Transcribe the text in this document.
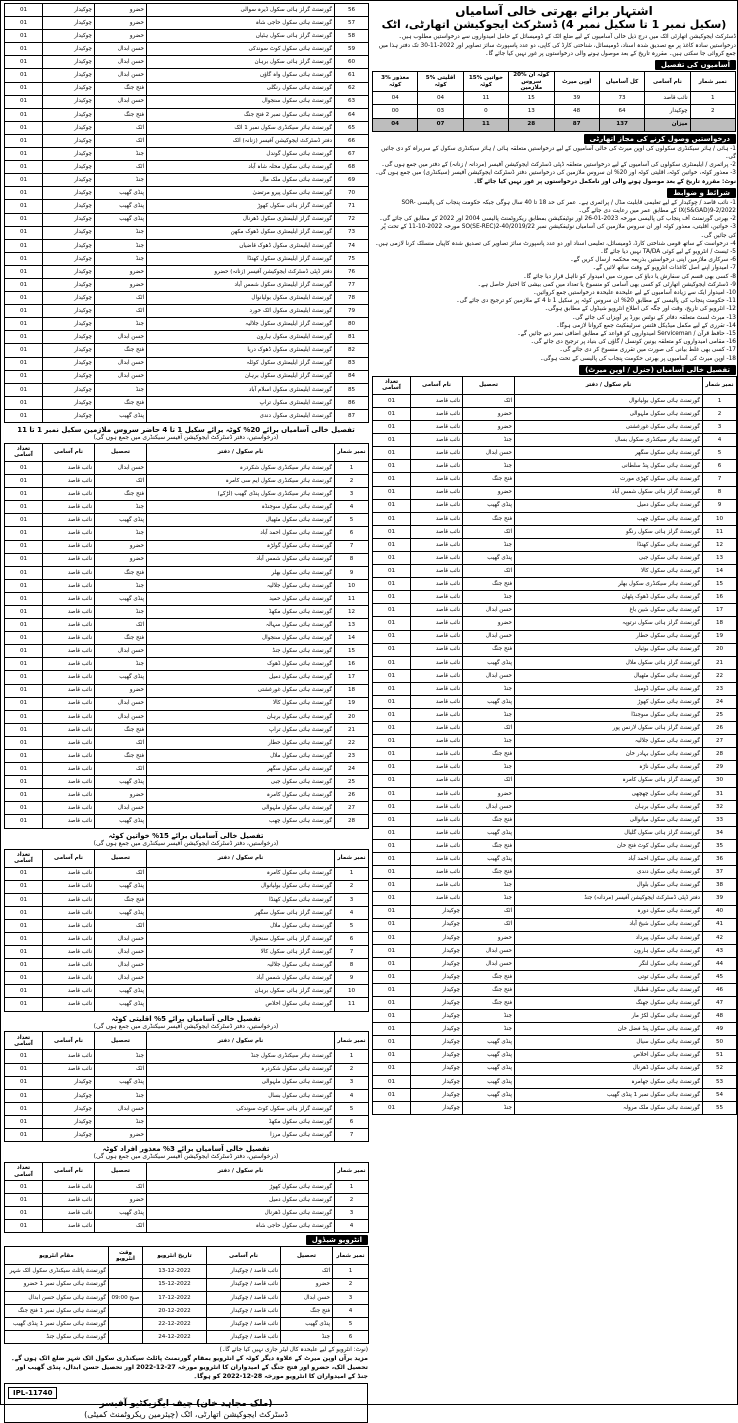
01	چوکیدار	حضرو	گورنمنٹ گرلز ہائی سکول ڈیرہ سوالی	56
01	چوکیدار	حضرو	گورنمنٹ ہائی سکول حاجی شاہ	57
01	چوکیدار	حضرو	گورنمنٹ گرلز ہائی سکول ہٹیاں	58
01	چوکیدار	حسن ابدال	گورنمنٹ ہائی سکول کوٹ سوندکی	59
01	چوکیدار	حسن ابدال	گورنمنٹ گرلز ہائی سکول برہان	60
01	چوکیدار	حسن ابدال	گورنمنٹ ہائی سکول واہ گاؤں	61
01	چوکیدار	فتح جنگ	گورنمنٹ ہائی سکول رنگلی	62
01	چوکیدار	حسن ابدال	گورنمنٹ ہائی سکول سنجوال	63
01	چوکیدار	فتح جنگ	گورنمنٹ ہائی سکول نمبر 2 فتح جنگ	64
01	چوکیدار	اٹک	گورنمنٹ ہائر سیکنڈری سکول نمبر 1 اٹک	65
01	چوکیدار	اٹک	دفتر ڈسٹرکٹ ایجوکیشن آفیسر (زنانہ) اٹک	66
01	چوکیدار	جنڈ	گورنمنٹ ہائی سکول گوندل	67
01	چوکیدار	اٹک	گورنمنٹ ہائی سکول محلہ شاہ آباد	68
01	چوکیدار	جنڈ	گورنمنٹ ہائی سکول ملک مال	69
01	چوکیدار	پنڈی گھیب	گورنمنٹ ہائی سکول پیرو مرتضیٰ	70
01	چوکیدار	پنڈی گھیب	گورنمنٹ گرلز ہائی سکول کھوڑ	71
01	چوکیدار	پنڈی گھیب	گورنمنٹ گرلز ایلیمنٹری سکول ڈھرنال	72
01	چوکیدار	جنڈ	گورنمنٹ گرلز ایلیمنٹری سکول ڈھوک مکھن	73
01	چوکیدار	جنڈ	گورنمنٹ ایلیمنٹری سکول ڈھوک قاضیاں	74
01	چوکیدار	جنڈ	گورنمنٹ گرلز ایلیمنٹری سکول کھنڈا	75
01	چوکیدار	حضرو	دفتر ڈپٹی ڈسٹرکٹ ایجوکیشن آفیسر (زنانہ) حضرو	76
01	چوکیدار	حضرو	گورنمنٹ گرلز ایلیمنٹری سکول شمس آباد	77
01	چوکیدار	اٹک	گورنمنٹ ایلیمنٹری سکول بولیانوال	78
01	چوکیدار	اٹک	گورنمنٹ ایلیمنٹری سکول اٹک خورد	79
01	چوکیدار	جنڈ	گورنمنٹ گرلز ایلیمنٹری سکول جلالیہ	80
01	چوکیدار	حسن ابدال	گورنمنٹ ایلیمنٹری سکول ہارون	81
01	چوکیدار	فتح جنگ	گورنمنٹ ایلیمنٹری سکول ڈھوک دریا	82
01	چوکیدار	حسن ابدال	گورنمنٹ گرلز ایلیمنٹری سکول کوٹلہ	83
01	چوکیدار	حسن ابدال	گورنمنٹ گرلز ایلیمنٹری سکول برہان	84
01	چوکیدار	جنڈ	گورنمنٹ ایلیمنٹری سکول اسلام آباد	85
01	چوکیدار	فتح جنگ	گورنمنٹ ایلیمنٹری سکول تراپ	86
01	چوکیدار	پنڈی گھیب	گورنمنٹ ایلیمنٹری سکول دندی	87
تفصیل خالی آسامیاں برائے 20% کوٹہ برائے سکیل 1 تا 4 حاضر سروس ملازمین سکیل نمبر 1 تا 11
(درخواستیں، دفتر ڈسٹرکٹ ایجوکیشن آفیسر سیکنڈری میں جمع ہوں گی)
تعداد آسامی	نام آسامی	تحصیل	نام سکول / دفتر	نمبر شمار
01	نائب قاصد	حسن ابدال	گورنمنٹ ہائر سیکنڈری سکول شکردرہ	1
01	نائب قاصد	اٹک	گورنمنٹ ہائر سیکنڈری سکول ایم سی کامرہ	2
01	نائب قاصد	فتح جنگ	گورنمنٹ ہائر سیکنڈری سکول پنڈی گھیب (لڑکے)	3
01	نائب قاصد	جنڈ	گورنمنٹ ہائی سکول سوجنڈہ	4
01	نائب قاصد	پنڈی گھیب	گورنمنٹ ہائی سکول مٹھیال	5
01	نائب قاصد	جنڈ	گورنمنٹ ہائی سکول احمد آباد	6
01	نائب قاصد	حضرو	گورنمنٹ ہائی سکول گولڑہ	7
01	نائب قاصد	حضرو	گورنمنٹ ہائی سکول شمس آباد	8
01	نائب قاصد	فتح جنگ	گورنمنٹ ہائی سکول بھلر	9
01	نائب قاصد	جنڈ	گورنمنٹ ہائی سکول جلالیہ	10
01	نائب قاصد	پنڈی گھیب	گورنمنٹ ہائی سکول حمید	11
01	نائب قاصد	جنڈ	گورنمنٹ ہائی سکول مکھڈ	12
01	نائب قاصد	اٹک	گورنمنٹ ہائی سکول سہالہ	13
01	نائب قاصد	فتح جنگ	گورنمنٹ ہائی سکول سنجوال	14
01	نائب قاصد	حسن ابدال	گورنمنٹ ہائی سکول جنڈ	15
01	نائب قاصد	جنڈ	گورنمنٹ ہائی سکول ڈھوک	16
01	نائب قاصد	پنڈی گھیب	گورنمنٹ ہائی سکول دمیل	17
01	نائب قاصد	حضرو	گورنمنٹ ہائی سکول غورغشتی	18
01	نائب قاصد	حسن ابدال	گورنمنٹ ہائی سکول کالا	19
01	نائب قاصد	حسن ابدال	گورنمنٹ ہائی سکول برہان	20
01	نائب قاصد	فتح جنگ	گورنمنٹ ہائی سکول تراپ	21
01	نائب قاصد	اٹک	گورنمنٹ ہائی سکول حطار	22
01	نائب قاصد	فتح جنگ	گورنمنٹ ہائی سکول ملال	23
01	نائب قاصد	اٹک	گورنمنٹ ہائی سکول سگھر	24
01	نائب قاصد	پنڈی گھیب	گورنمنٹ ہائی سکول جبی	25
01	نائب قاصد	حضرو	گورنمنٹ ہائی سکول کامرہ	26
01	نائب قاصد	حسن ابدال	گورنمنٹ ہائی سکول ملہوالی	27
01	نائب قاصد	پنڈی گھیب	گورنمنٹ ہائی سکول چھب	28
تفصیل خالی آسامیاں برائے 15% خواتین کوٹہ
(درخواستیں، دفتر ڈسٹرکٹ ایجوکیشن آفیسر سیکنڈری میں جمع ہوں گی)
تعداد آسامی	نام آسامی	تحصیل	نام سکول / دفتر	نمبر شمار
01	نائب قاصد	اٹک	گورنمنٹ ہائی سکول کامرہ	1
01	نائب قاصد	پنڈی گھیب	گورنمنٹ ہائی سکول بولیانوال	2
01	نائب قاصد	فتح جنگ	گورنمنٹ ہائی سکول کھنڈا	3
01	نائب قاصد	پنڈی گھیب	گورنمنٹ گرلز ہائی سکول سگھر	4
01	نائب قاصد	اٹک	گورنمنٹ ہائی سکول ملال	5
01	نائب قاصد	حسن ابدال	گورنمنٹ گرلز ہائی سکول سنجوال	6
01	نائب قاصد	حسن ابدال	گورنمنٹ گرلز ہائی سکول کالا	7
01	نائب قاصد	حسن ابدال	گورنمنٹ ہائی سکول جلالیہ	8
01	نائب قاصد	حسن ابدال	گورنمنٹ ہائی سکول شمس آباد	9
01	نائب قاصد	پنڈی گھیب	گورنمنٹ گرلز ہائی سکول برہان	10
01	نائب قاصد	پنڈی گھیب	گورنمنٹ ہائی سکول اخلاص	11
تفصیل خالی آسامیاں برائے 5% اقلیتی کوٹہ
(درخواستیں، دفتر ڈسٹرکٹ ایجوکیشن آفیسر سیکنڈری میں جمع ہوں گی)
تعداد آسامی	نام آسامی	تحصیل	نام سکول / دفتر	نمبر شمار
01	نائب قاصد	جنڈ	گورنمنٹ ہائر سیکنڈری سکول جنڈ	1
01	نائب قاصد	اٹک	گورنمنٹ ہائی سکول شکردرہ	2
01	چوکیدار	پنڈی گھیب	گورنمنٹ ہائی سکول ملہوالی	3
01	چوکیدار	جنڈ	گورنمنٹ ہائی سکول بسال	4
01	چوکیدار	حسن ابدال	گورنمنٹ گرلز ہائی سکول کوٹ سوندکی	5
01	چوکیدار	جنڈ	گورنمنٹ ہائی سکول مکھڈ	6
01	چوکیدار	حضرو	گورنمنٹ ہائی سکول مرزا	7
تفصیل خالی آسامیاں برائے 3% معذور افراد کوٹہ
(درخواستیں، دفتر ڈسٹرکٹ ایجوکیشن آفیسر سیکنڈری میں جمع ہوں گی)
تعداد آسامی	نام آسامی	تحصیل	نام سکول / دفتر	نمبر شمار
01	نائب قاصد	اٹک	گورنمنٹ ہائی سکول کھوڑ	1
01	نائب قاصد	حضرو	گورنمنٹ ہائی سکول دمیل	2
01	نائب قاصد	پنڈی گھیب	گورنمنٹ ہائی سکول ڈھرنال	3
01	نائب قاصد	اٹک	گورنمنٹ ہائی سکول حاجی شاہ	4
انٹرویو شیڈول
مقام انٹرویو	وقت انٹرویو	تاریخ انٹرویو	نام آسامی	تحصیل	نمبر شمار
گورنمنٹ پائلٹ سیکنڈری سکول اٹک شہر		13-12-2022	نائب قاصد / چوکیدار	اٹک	1
گورنمنٹ ہائی سکول نمبر 1 حضرو		15-12-2022	نائب قاصد / چوکیدار	حضرو	2
گورنمنٹ ہائی سکول حسن ابدال	09:00 صبح	17-12-2022	نائب قاصد / چوکیدار	حسن ابدال	3
گورنمنٹ ہائی سکول نمبر 1 فتح جنگ		20-12-2022	نائب قاصد / چوکیدار	فتح جنگ	4
گورنمنٹ ہائی سکول نمبر 1 پنڈی گھیب		22-12-2022	نائب قاصد / چوکیدار	پنڈی گھیب	5
گورنمنٹ ہائی سکول جنڈ		24-12-2022	نائب قاصد / چوکیدار	جنڈ	6
(نوٹ: انٹرویو کے لیے علیحدہ کال لیٹر جاری نہیں کیا جائے گا۔)
مزید برآں اوپن میرٹ کے علاوہ دیگر کوٹہ کے انٹرویو بمقام گورنمنٹ پائلٹ سیکنڈری سکول اٹک شہر ضلع اٹک ہوں گے۔ تحصیل اٹک، حضرو اور فتح جنگ کے امیدواران کا انٹرویو مورخہ 27-12-2022 اور تحصیل حسن ابدال، پنڈی گھیب اور جنڈ کے امیدواران کا انٹرویو مورخہ 28-12-2022 کو ہوگا۔
IPL-11740
(ملک مجاہد خان) چیف ایگزیکٹیو آفیسر
ڈسٹرکٹ ایجوکیشن اتھارٹی، اٹک (چیئرمین ریکروٹمنٹ کمیٹی)
اشتہار برائے بھرتی خالی آسامیاں
(سکیل نمبر 1 تا سکیل نمبر 4) ڈسٹرکٹ ایجوکیشن اتھارٹی، اٹک
ڈسٹرکٹ ایجوکیشن اتھارٹی اٹک میں درج ذیل خالی آسامیوں کے لیے ضلع اٹک کے ڈومیسائل کے حامل امیدواروں سے درخواستیں مطلوب ہیں۔ درخواستیں سادہ کاغذ پر مع تصدیق شدہ اسناد، ڈومیسائل، شناختی کارڈ کی کاپی، دو عدد پاسپورٹ سائز تصاویر اور 2022-11-30 تک دفتر ہذا میں جمع کروائی جا سکتی ہیں۔ مقررہ تاریخ کے بعد موصول ہونے والی درخواستوں پر غور نہیں کیا جائے گا۔
آسامیوں کی تفصیل
3% معذور کوٹہ	5% اقلیتی کوٹہ	15% خواتین کوٹہ	20% کوٹہ ان سروس ملازمین	اوپن میرٹ	کل آسامیاں	نام آسامی	نمبر شمار
04	04	11	15	39	73	نائب قاصد	1
00	03	0	13	48	64	چوکیدار	2
04	07	11	28	87	137	میزان	
درخواستیں وصول کرنے کی مجاز اتھارٹی
1- ہائی / ہائر سیکنڈری سکولوں کی اوپن میرٹ کی خالی آسامیوں کے لیے درخواستیں متعلقہ ہائی / ہائر سیکنڈری سکول کے سربراہ کو دی جائیں گی۔
2- پرائمری / ایلیمنٹری سکولوں کی آسامیوں کے لیے درخواستیں متعلقہ ڈپٹی ڈسٹرکٹ ایجوکیشن آفیسر (مردانہ / زنانہ) کے دفتر میں جمع ہوں گی۔
3- معذور کوٹہ، خواتین کوٹہ، اقلیتی کوٹہ اور 20% ان سروس ملازمین کی درخواستیں دفتر ڈسٹرکٹ ایجوکیشن آفیسر (سیکنڈری) میں جمع ہوں گی۔
نوٹ: مقررہ تاریخ کے بعد موصول ہونے والی اور نامکمل درخواستوں پر غور نہیں کیا جائے گا۔
شرائط و ضوابط
1- نائب قاصد / چوکیدار کے لیے تعلیمی قابلیت مڈل / پرائمری ہے۔ عمر کی حد 18 تا 40 سال ہوگی جبکہ حکومت پنجاب کی پالیسی SOR-IX(S&GAD)9-2/2022 کے مطابق عمر میں رعایت دی جائے گی۔
2- بھرتی گورنمنٹ آف پنجاب کی پالیسی مورخہ 2023-01-26 اور نوٹیفکیشن بمطابق ریکروٹمنٹ پالیسی 2004 اور 2022 کے مطابق کی جائے گی۔
3- خواتین، اقلیتی، معذور کوٹہ اور ان سروس ملازمین کی آسامیاں نوٹیفکیشن نمبر SO(SE-REC)2-40/2019/22 مورخہ 2022-10-11 کے تحت پُر کی جائیں گی۔
4- درخواست کے ساتھ قومی شناختی کارڈ، ڈومیسائل، تعلیمی اسناد اور دو عدد پاسپورٹ سائز تصاویر کی تصدیق شدہ کاپیاں منسلک کرنا لازمی ہیں۔
5- ٹیسٹ / انٹرویو کے لیے کوئی TA/DA نہیں دیا جائے گا۔
6- سرکاری ملازمین اپنی درخواستیں بذریعہ محکمہ ارسال کریں گے۔
7- امیدوار اپنے اصل کاغذات انٹرویو کے وقت ساتھ لائیں گے۔
8- کسی بھی قسم کی سفارش یا دباؤ کی صورت میں امیدوار کو نااہل قرار دیا جائے گا۔
9- ڈسٹرکٹ ایجوکیشن اتھارٹی کو کسی بھی آسامی کو منسوخ یا تعداد میں کمی بیشی کا اختیار حاصل ہے۔
10- امیدوار ایک سے زیادہ آسامیوں کے لیے علیحدہ علیحدہ درخواستیں جمع کروائیں۔
11- حکومت پنجاب کی پالیسی کے مطابق 20% ان سروس کوٹہ پر سکیل 1 تا 4 کے ملازمین کو ترجیح دی جائے گی۔
12- انٹرویو کی تاریخ، وقت اور جگہ کی اطلاع انٹرویو شیڈول کے مطابق ہوگی۔
13- میرٹ لسٹ متعلقہ دفاتر کے نوٹس بورڈ پر آویزاں کی جائے گی۔
14- تقرری کے لیے مکمل میڈیکل فٹنس سرٹیفکیٹ جمع کروانا لازمی ہوگا۔
15- حافظ قرآن / Serviceman امیدواروں کو قواعد کے مطابق اضافی نمبر دیے جائیں گے۔
16- مقامی امیدواروں کو متعلقہ یونین کونسل / گاؤں کی بنیاد پر ترجیح دی جائے گی۔
17- کسی بھی غلط بیانی کی صورت میں تقرری منسوخ کر دی جائے گی۔
18- اوپن میرٹ کی آسامیوں پر بھرتی حکومت پنجاب کی پالیسی کے تحت ہوگی۔
تفصیل خالی آسامیاں (جنرل / اوپن میرٹ)
تعداد آسامی	نام آسامی	تحصیل	نام سکول / دفتر	نمبر شمار
01	نائب قاصد	اٹک	گورنمنٹ ہائی سکول بولیانوال	1
01	نائب قاصد	حضرو	گورنمنٹ ہائی سکول ملہوالی	2
01	نائب قاصد	حضرو	گورنمنٹ ہائی سکول غورغشتی	3
01	نائب قاصد	جنڈ	گورنمنٹ ہائر سیکنڈری سکول بسال	4
01	نائب قاصد	حسن ابدال	گورنمنٹ ہائی سکول سگھر	5
01	نائب قاصد	جنڈ	گورنمنٹ ہائی سکول پنڈ سلطانی	6
01	نائب قاصد	فتح جنگ	گورنمنٹ ہائی سکول کھڑی مورت	7
01	نائب قاصد	حضرو	گورنمنٹ گرلز ہائی سکول شمس آباد	8
01	نائب قاصد	پنڈی گھیب	گورنمنٹ ہائی سکول دمیل	9
01	نائب قاصد	فتح جنگ	گورنمنٹ ہائی سکول چھب	10
01	نائب قاصد	اٹک	گورنمنٹ گرلز ہائی سکول رنگو	11
01	نائب قاصد	جنڈ	گورنمنٹ ہائی سکول کھنڈا	12
01	نائب قاصد	پنڈی گھیب	گورنمنٹ ہائی سکول جبی	13
01	نائب قاصد	اٹک	گورنمنٹ ہائی سکول کالا	14
01	نائب قاصد	فتح جنگ	گورنمنٹ ہائر سیکنڈری سکول بھلر	15
01	نائب قاصد	جنڈ	گورنمنٹ ہائی سکول ڈھوک پٹھان	16
01	نائب قاصد	حسن ابدال	گورنمنٹ ہائی سکول شین باغ	17
01	نائب قاصد	حضرو	گورنمنٹ گرلز ہائی سکول نرتوپہ	18
01	نائب قاصد	حسن ابدال	گورنمنٹ ہائی سکول حطار	19
01	نائب قاصد	فتح جنگ	گورنمنٹ ہائی سکول بوئیاں	20
01	نائب قاصد	پنڈی گھیب	گورنمنٹ گرلز ہائی سکول ملال	21
01	نائب قاصد	حسن ابدال	گورنمنٹ ہائی سکول مٹھیال	22
01	نائب قاصد	جنڈ	گورنمنٹ ہائی سکول ڈومیل	23
01	نائب قاصد	پنڈی گھیب	گورنمنٹ ہائی سکول کھوڑ	24
01	نائب قاصد	جنڈ	گورنمنٹ ہائی سکول سوجنڈا	25
01	نائب قاصد	اٹک	گورنمنٹ گرلز ہائی سکول لارنس پور	26
01	نائب قاصد	جنڈ	گورنمنٹ ہائی سکول جلالیہ	27
01	نائب قاصد	فتح جنگ	گورنمنٹ ہائی سکول بہادر خان	28
01	نائب قاصد	جنڈ	گورنمنٹ ہائی سکول ناڑہ	29
01	نائب قاصد	اٹک	گورنمنٹ گرلز ہائی سکول کامرہ	30
01	نائب قاصد	حضرو	گورنمنٹ ہائی سکول چھچھی	31
01	نائب قاصد	حسن ابدال	گورنمنٹ ہائی سکول برہان	32
01	نائب قاصد	فتح جنگ	گورنمنٹ ہائی سکول میانوالی	33
01	نائب قاصد	پنڈی گھیب	گورنمنٹ گرلز ہائی سکول گلیال	34
01	نائب قاصد	فتح جنگ	گورنمنٹ ہائی سکول کوٹ فتح خان	35
01	نائب قاصد	پنڈی گھیب	گورنمنٹ ہائی سکول احمد آباد	36
01	نائب قاصد	فتح جنگ	گورنمنٹ ہائی سکول دندی	37
01	نائب قاصد	جنڈ	گورنمنٹ ہائی سکول بلوال	38
01	نائب قاصد	جنڈ	دفتر ڈپٹی ڈسٹرکٹ ایجوکیشن آفیسر (مردانہ) جنڈ	39
01	چوکیدار	اٹک	گورنمنٹ ہائی سکول دورہ	40
01	چوکیدار	اٹک	گورنمنٹ ہائی سکول شیخ آباد	41
01	چوکیدار	حضرو	گورنمنٹ ہائی سکول پیرداد	42
01	چوکیدار	حسن ابدال	گورنمنٹ ہائی سکول ہارون	43
01	چوکیدار	حسن ابدال	گورنمنٹ ہائی سکول لنگر	44
01	چوکیدار	فتح جنگ	گورنمنٹ ہائی سکول توتی	45
01	چوکیدار	فتح جنگ	گورنمنٹ ہائی سکول قطبال	46
01	چوکیدار	فتح جنگ	گورنمنٹ ہائی سکول جھنگ	47
01	چوکیدار	جنڈ	گورنمنٹ ہائی سکول لکڑ مار	48
01	چوکیدار	جنڈ	گورنمنٹ ہائی سکول پنڈ فضل خان	49
01	چوکیدار	پنڈی گھیب	گورنمنٹ ہائی سکول سیال	50
01	چوکیدار	پنڈی گھیب	گورنمنٹ ہائی سکول اخلاص	51
01	چوکیدار	پنڈی گھیب	گورنمنٹ ہائی سکول ڈھرنال	52
01	چوکیدار	پنڈی گھیب	گورنمنٹ ہائی سکول جھامرہ	53
01	چوکیدار	پنڈی گھیب	گورنمنٹ ہائی سکول نمبر 1 پنڈی گھیب	54
01	چوکیدار	جنڈ	گورنمنٹ ہائی سکول ملک مرولہ	55
